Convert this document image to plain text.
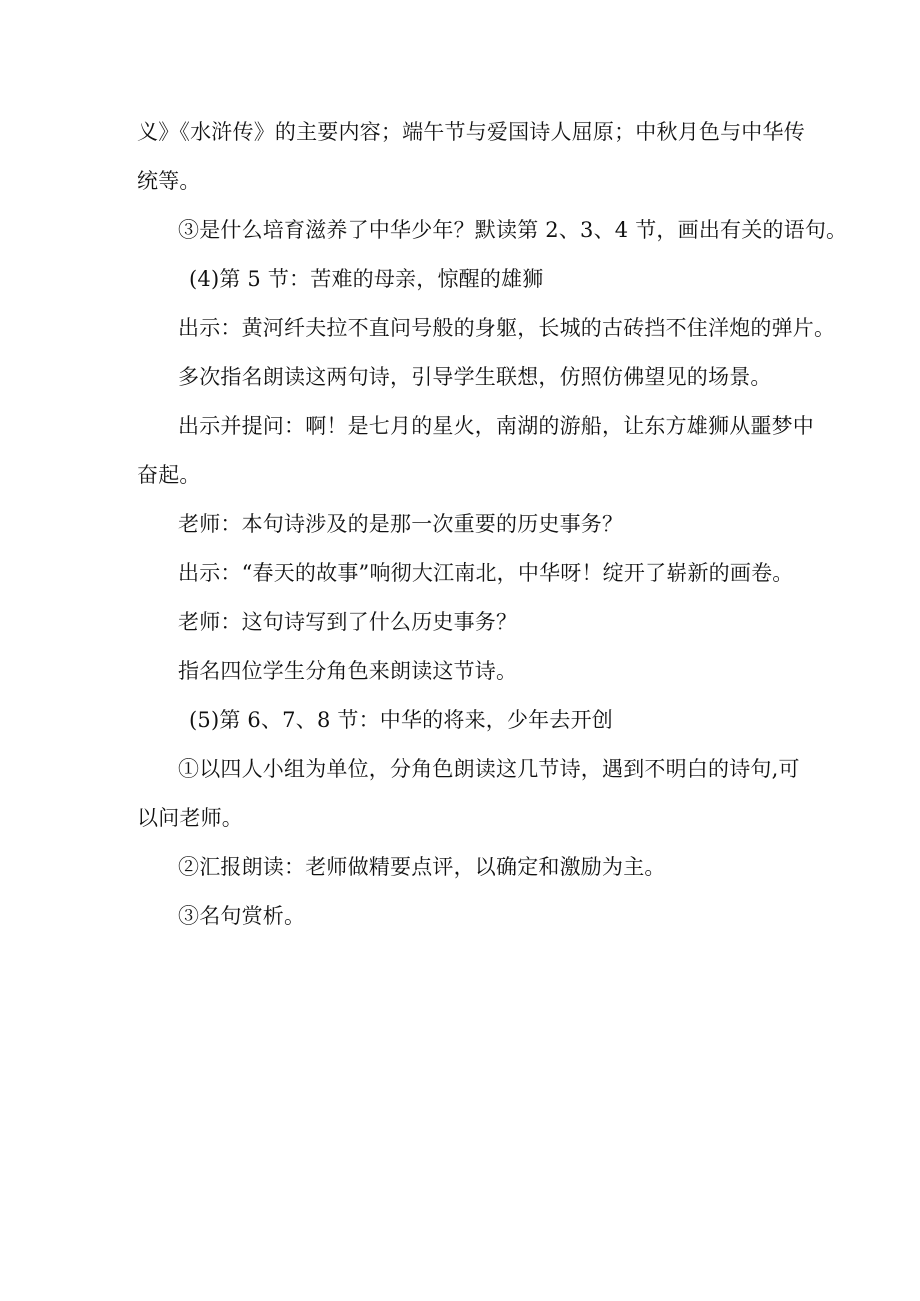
义》《水浒传》的主要内容；端午节与爱国诗人屈原；中秋月色与中华传
统等。
③是什么培育滋养了中华少年？默读第 2、3、4 节，画出有关的语句。
(4)第 5 节：苦难的母亲，惊醒的雄狮
出示：黄河纤夫拉不直问号般的身躯，长城的古砖挡不住洋炮的弹片。
多次指名朗读这两句诗，引导学生联想，仿照仿佛望见的场景。
出示并提问：啊！是七月的星火，南湖的游船，让东方雄狮从噩梦中
奋起。
老师：本句诗涉及的是那一次重要的历史事务？
出示：“春天的故事”响彻大江南北，中华呀！绽开了崭新的画卷。
老师：这句诗写到了什么历史事务？
指名四位学生分角色来朗读这节诗。
(5)第 6、7、8 节：中华的将来，少年去开创
①以四人小组为单位，分角色朗读这几节诗，遇到不明白的诗句,可
以问老师。
②汇报朗读：老师做精要点评，以确定和激励为主。
③名句赏析。
